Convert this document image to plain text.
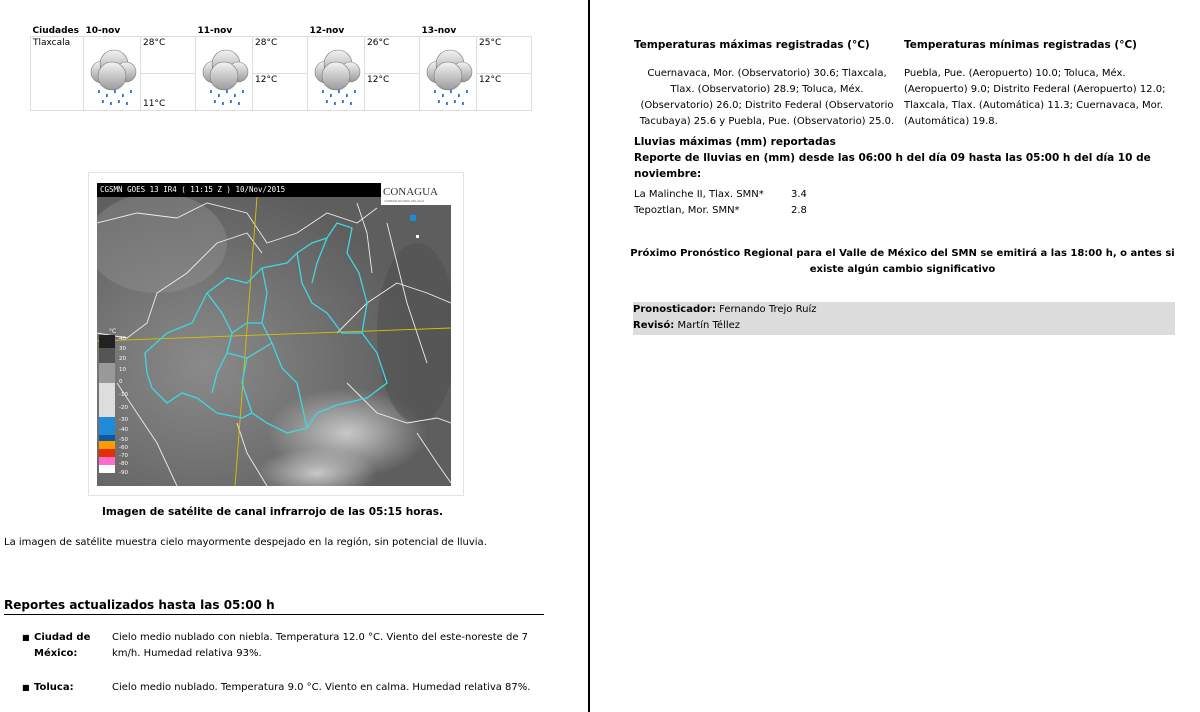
Ciudades	10-nov		11-nov		12-nov		13-nov	
Tlaxcala		28°C		28°C		26°C		25°C
		11°C		12°C		12°C		12°C
CGSMN GOES 13 IR4 ( 11:15 Z ) 10/Nov/2015	CONAGUA
COMISIÓN NACIONAL DEL AGUA
°C
40
30
20
10
0
-10
-20
-30
-40
-50
-60
-70
-80
-90
Imagen de satélite de canal infrarrojo de las 05:15 horas.
La imagen de satélite muestra cielo mayormente despejado en la región, sin potencial de lluvia.
Reportes actualizados hasta las 05:00 h
■ Ciudad de México:
Cielo medio nublado con niebla. Temperatura 12.0 °C. Viento del este-noreste de 7 km/h. Humedad relativa 93%.
■ Toluca:	Cielo medio nublado. Temperatura 9.0 °C. Viento en calma. Humedad relativa 87%.
Temperaturas máximas registradas (°C)	Temperaturas mínimas registradas (°C)
Cuernavaca, Mor. (Observatorio) 30.6; Tlaxcala, Tlax. (Observatorio) 28.9; Toluca, Méx. (Observatorio) 26.0; Distrito Federal (Observatorio Tacubaya) 25.6 y Puebla, Pue. (Observatorio) 25.0.
Puebla, Pue. (Aeropuerto) 10.0; Toluca, Méx. (Aeropuerto) 9.0; Distrito Federal (Aeropuerto) 12.0; Tlaxcala, Tlax. (Automática) 11.3; Cuernavaca, Mor. (Automática) 19.8.
Lluvias máximas (mm) reportadas
Reporte de lluvias en (mm) desde las 06:00 h del día 09 hasta las 05:00 h del día 10 de noviembre:
La Malinche II, Tlax. SMN*	3.4
Tepoztlan, Mor. SMN*	2.8
Próximo Pronóstico Regional para el Valle de México del SMN se emitirá a las 18:00 h, o antes si existe algún cambio significativo
Pronosticador: Fernando Trejo Ruíz
Revisó: Martín Téllez
